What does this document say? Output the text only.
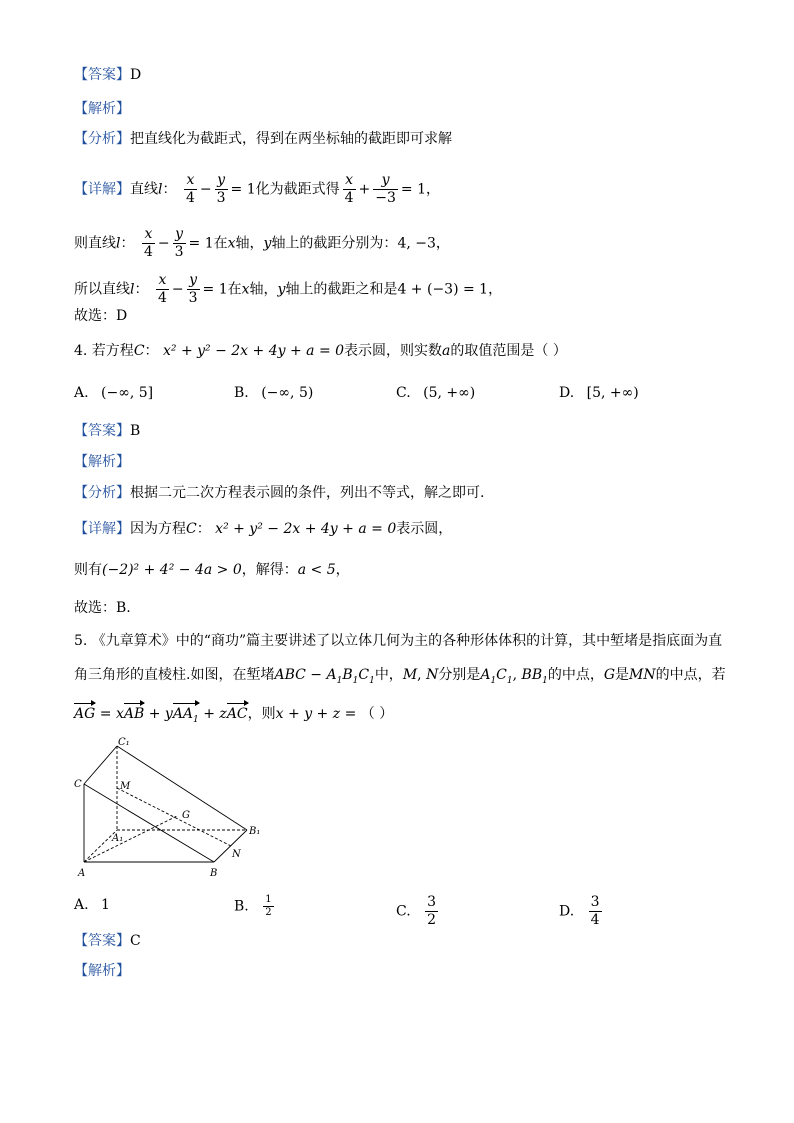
【答案】D
【解析】
【分析】把直线化为截距式，得到在两坐标轴的截距即可求解
【详解】直线l： $\frac{x}{4} - \frac{y}{3} = 1$化为截距式得 $\frac{x}{4} + \frac{y}{-3} = 1$，
则直线l： $\frac{x}{4} - \frac{y}{3} = 1$在x轴，y轴上的截距分别为：4, −3，
所以直线l： $\frac{x}{4} - \frac{y}{3} = 1$在x轴，y轴上的截距之和是4 + (−3) = 1，
故选：D
4. 若方程C： x² + y² − 2x + 4y + a = 0表示圆，则实数a的取值范围是（ ）
A. (−∞, 5]	B. (−∞, 5)	C. (5, +∞)	D. [5, +∞)
【答案】B
【解析】
【分析】根据二元二次方程表示圆的条件，列出不等式，解之即可.
【详解】因为方程C： x² + y² − 2x + 4y + a = 0表示圆，
则有(−2)² + 4² − 4a > 0，解得：a < 5，
故选：B.
5. 《九章算术》中的“商功”篇主要讲述了以立体几何为主的各种形体体积的计算，其中堑堵是指底面为直
角三角形的直棱柱.如图，在堑堵ABC − $A_1B_1C_1$中，M, N分别是$A_1C_1$, $BB_1$的中点，G是MN的中点，若
AG = xAB + yAA$_1$ + zAC，则x + y + z = （ ）
C₁
C	M
G
B₁
A₁
N
A	B
A. 1	B. $\frac{1}{2}$	C. $\frac{3}{2}$	D. $\frac{3}{4}$
【答案】C
【解析】
